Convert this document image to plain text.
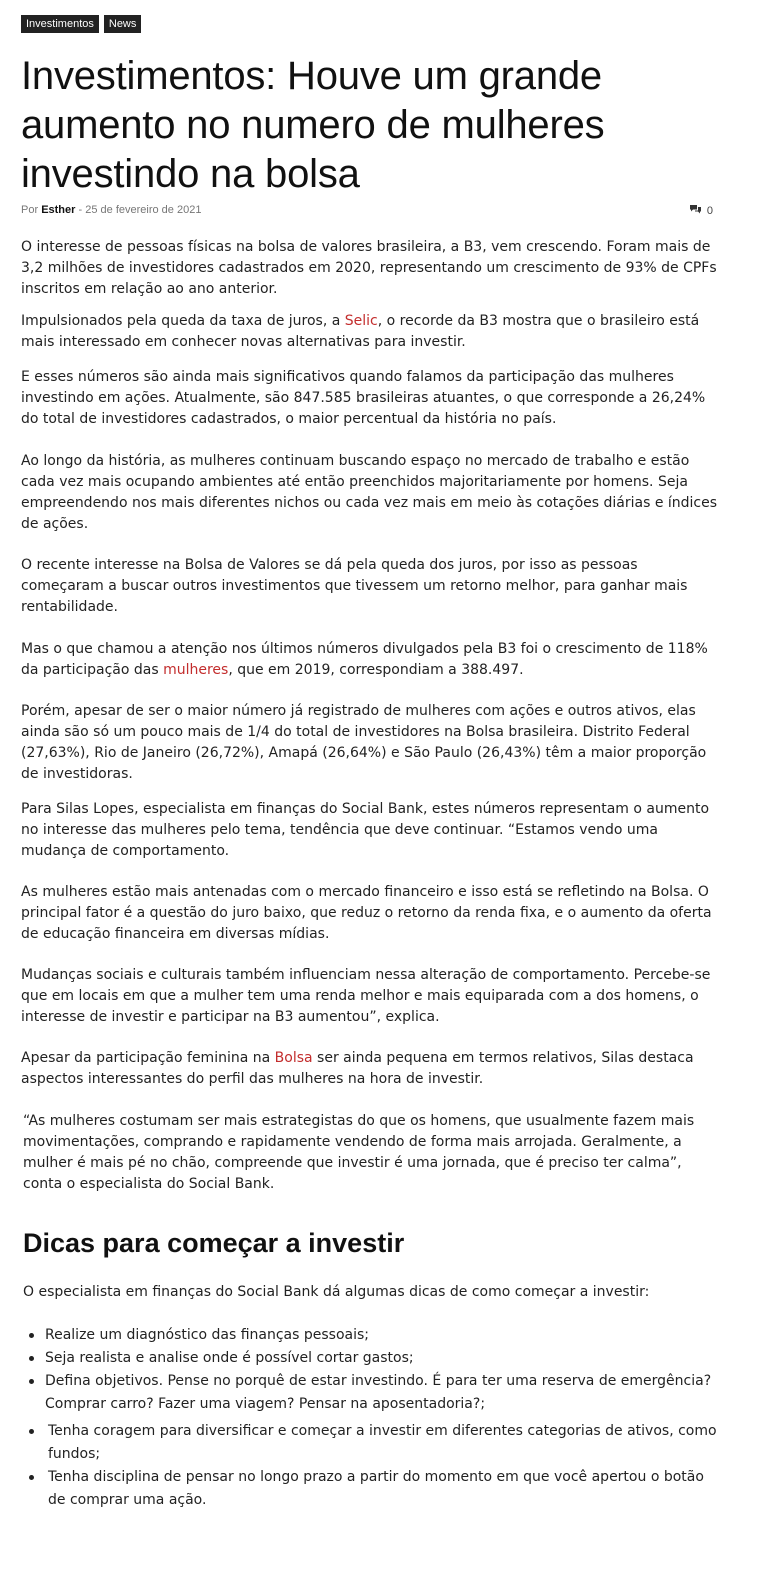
Investimentos	News
Investimentos: Houve um grande aumento no numero de mulheres investindo na bolsa
Por Esther - 25 de fevereiro de 2021	0

O interesse de pessoas físicas na bolsa de valores brasileira, a B3, vem crescendo. Foram mais de 3,2 milhões de investidores cadastrados em 2020, representando um crescimento de 93% de CPFs inscritos em relação ao ano anterior.

Impulsionados pela queda da taxa de juros, a Selic, o recorde da B3 mostra que o brasileiro está mais interessado em conhecer novas alternativas para investir.

E esses números são ainda mais significativos quando falamos da participação das mulheres investindo em ações. Atualmente, são 847.585 brasileiras atuantes, o que corresponde a 26,24% do total de investidores cadastrados, o maior percentual da história no país.

Ao longo da história, as mulheres continuam buscando espaço no mercado de trabalho e estão cada vez mais ocupando ambientes até então preenchidos majoritariamente por homens. Seja empreendendo nos mais diferentes nichos ou cada vez mais em meio às cotações diárias e índices de ações.

O recente interesse na Bolsa de Valores se dá pela queda dos juros, por isso as pessoas começaram a buscar outros investimentos que tivessem um retorno melhor, para ganhar mais rentabilidade.

Mas o que chamou a atenção nos últimos números divulgados pela B3 foi o crescimento de 118% da participação das mulheres, que em 2019, correspondiam a 388.497.

Porém, apesar de ser o maior número já registrado de mulheres com ações e outros ativos, elas ainda são só um pouco mais de 1/4 do total de investidores na Bolsa brasileira. Distrito Federal (27,63%), Rio de Janeiro (26,72%), Amapá (26,64%) e São Paulo (26,43%) têm a maior proporção de investidoras.

Para Silas Lopes, especialista em finanças do Social Bank, estes números representam o aumento no interesse das mulheres pelo tema, tendência que deve continuar. “Estamos vendo uma mudança de comportamento.

As mulheres estão mais antenadas com o mercado financeiro e isso está se refletindo na Bolsa. O principal fator é a questão do juro baixo, que reduz o retorno da renda fixa, e o aumento da oferta de educação financeira em diversas mídias.

Mudanças sociais e culturais também influenciam nessa alteração de comportamento. Percebe-se que em locais em que a mulher tem uma renda melhor e mais equiparada com a dos homens, o interesse de investir e participar na B3 aumentou”, explica.

Apesar da participação feminina na Bolsa ser ainda pequena em termos relativos, Silas destaca aspectos interessantes do perfil das mulheres na hora de investir.

“As mulheres costumam ser mais estrategistas do que os homens, que usualmente fazem mais movimentações, comprando e rapidamente vendendo de forma mais arrojada. Geralmente, a mulher é mais pé no chão, compreende que investir é uma jornada, que é preciso ter calma”, conta o especialista do Social Bank.

Dicas para começar a investir

O especialista em finanças do Social Bank dá algumas dicas de como começar a investir:

Realize um diagnóstico das finanças pessoais;
Seja realista e analise onde é possível cortar gastos;
Defina objetivos. Pense no porquê de estar investindo. É para ter uma reserva de emergência? Comprar carro? Fazer uma viagem? Pensar na aposentadoria?;
Tenha coragem para diversificar e começar a investir em diferentes categorias de ativos, como fundos;
Tenha disciplina de pensar no longo prazo a partir do momento em que você apertou o botão de comprar uma ação.
